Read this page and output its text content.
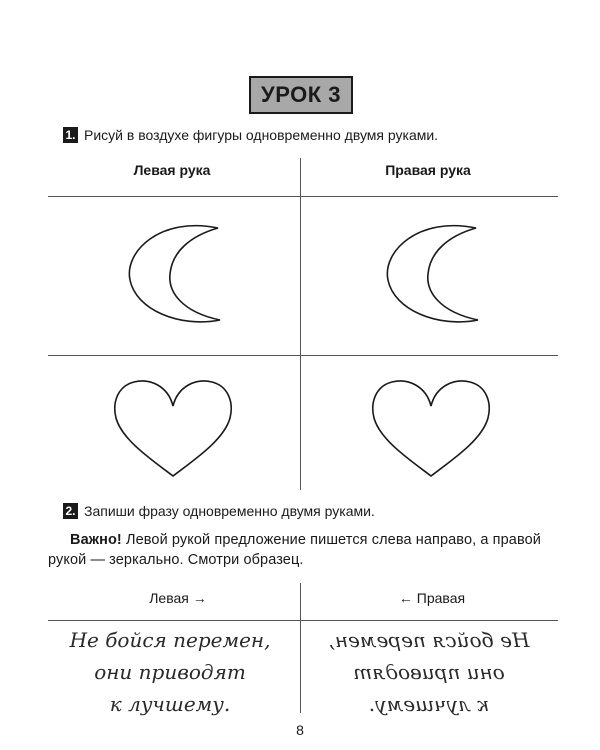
УРОК 3
1. Рисуй в воздухе фигуры одновременно двумя руками.
Левая рука	Правая рука
2. Запиши фразу одновременно двумя руками.
Важно! Левой рукой предложение пишется слева направо, а правой рукой — зеркально. Смотри образец.
Левая →	← Правая
Не бойся перемен,
они приводят
к лучшему.
Не бойся перемен,
они приводят
к лучшему.
8
